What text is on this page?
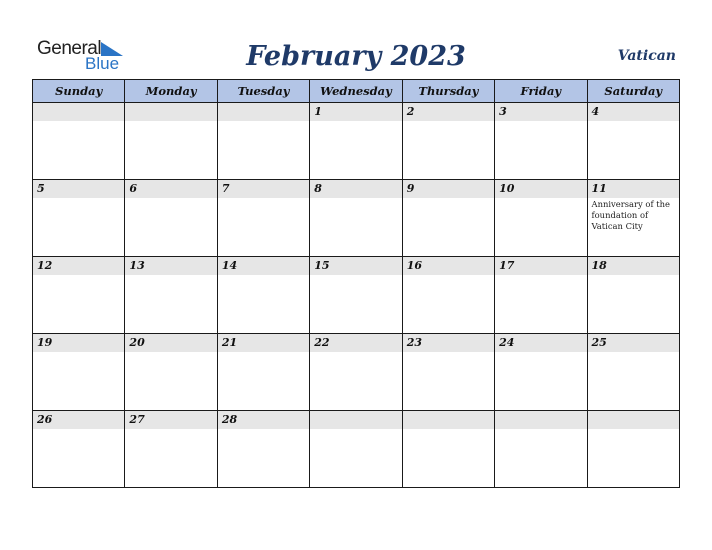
General
Blue	February 2023	Vatican
Sunday	Monday	Tuesday	Wednesday	Thursday	Friday	Saturday

			1	2	3	4

5	6	7	8	9	10	11
Anniversary of the foundation of Vatican City

12	13	14	15	16	17	18

19	20	21	22	23	24	25

26	27	28				
